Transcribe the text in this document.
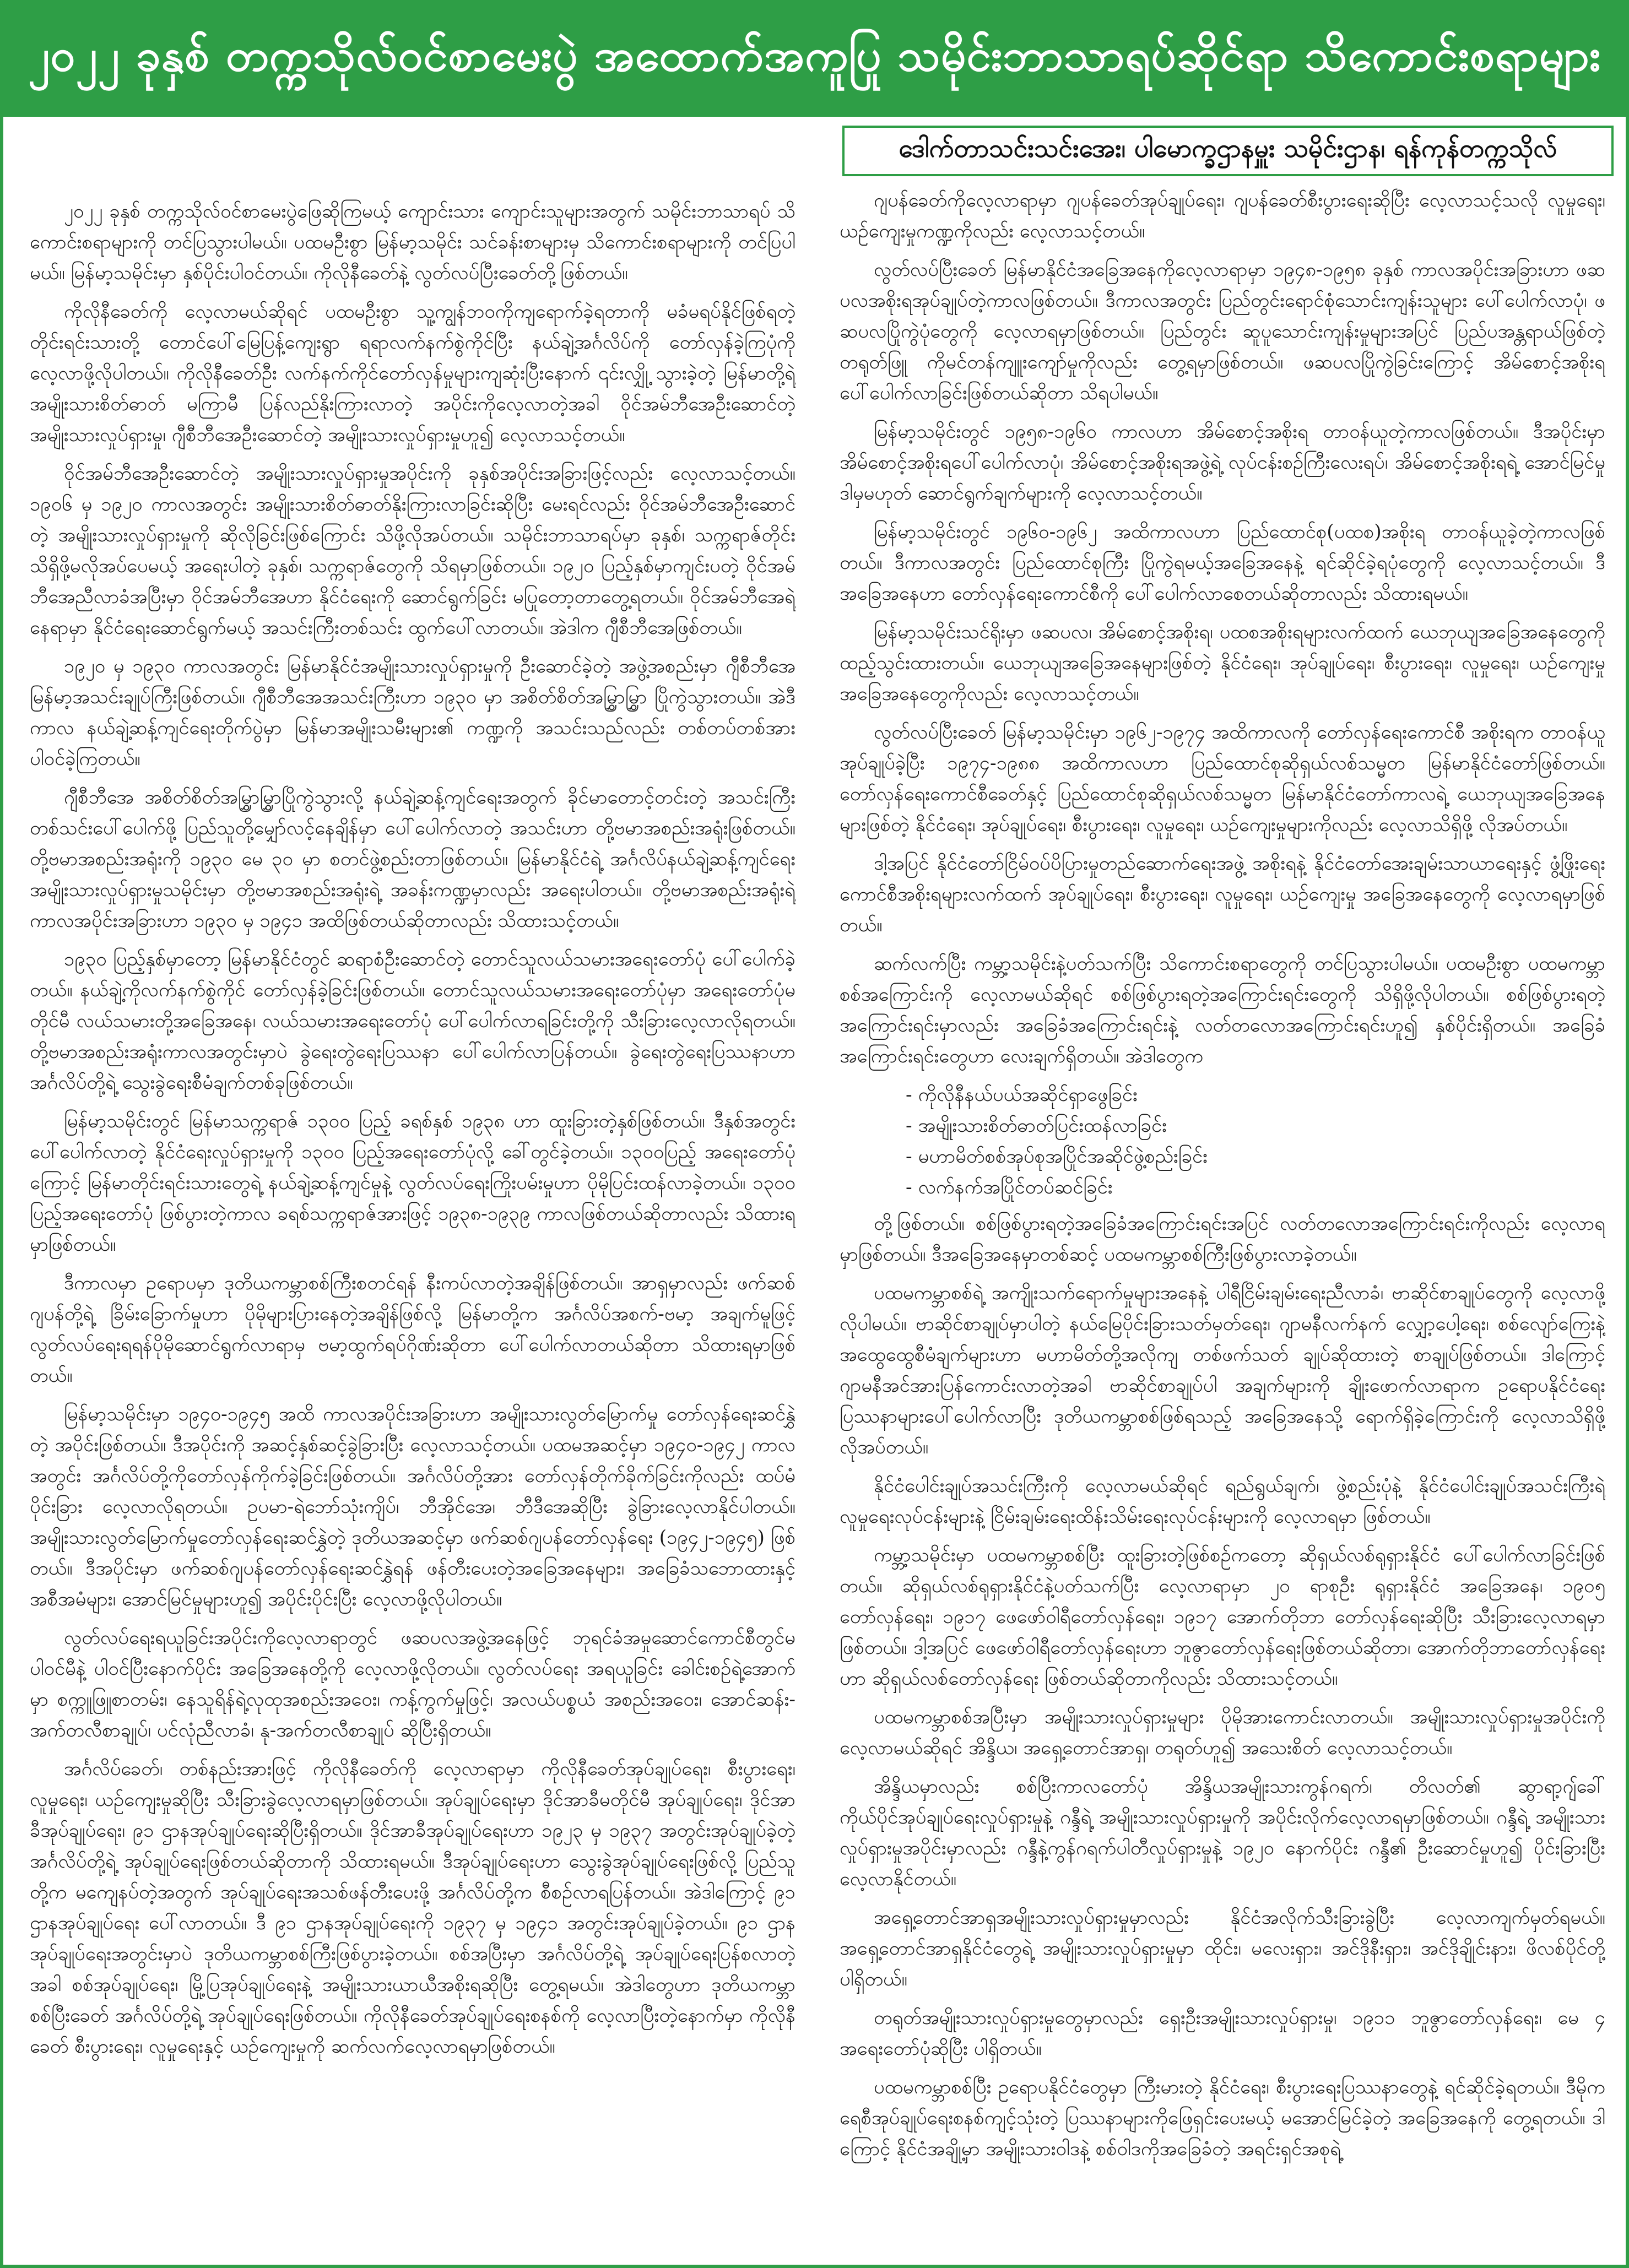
၂၀၂၂ ခုနှစ် တက္ကသိုလ်ဝင်စာမေးပွဲ အထောက်အကူပြု သမိုင်းဘာသာရပ်ဆိုင်ရာ သိကောင်းစရာများ
ဒေါက်တာသင်းသင်းအေး၊ ပါမောက္ခဌာနမှူး သမိုင်းဌာန၊ ရန်ကုန်တက္ကသိုလ်

၂၀၂၂ ခုနှစ် တက္ကသိုလ်ဝင်စာမေးပွဲဖြေဆိုကြမယ့် ကျောင်းသား ကျောင်းသူများအတွက် သမိုင်းဘာသာရပ် သိကောင်းစရာများကို တင်ပြသွားပါမယ်။ ပထမဦးစွာ မြန်မာ့သမိုင်း သင်ခန်းစာများမှ သိကောင်းစရာများကို တင်ပြပါမယ်။ မြန်မာ့သမိုင်းမှာ နှစ်ပိုင်းပါဝင်တယ်။ ကိုလိုနီခေတ်နဲ့ လွတ်လပ်ပြီးခေတ်တို့ဖြစ်တယ်။

ကိုလိုနီခေတ်ကို လေ့လာမယ်ဆိုရင် ပထမဦးစွာ သူ့ကျွန်ဘဝကိုကျရောက်ခဲ့ရတာကို မခံမရပ်နိုင်ဖြစ်ရတဲ့ တိုင်းရင်းသားတို့ တောင်ပေါ်မြေပြန့်ကျေးရွာ ရရာလက်နက်စွဲကိုင်ပြီး နယ်ချဲ့အင်္ဂလိပ်ကို တော်လှန်ခဲ့ကြပုံကို လေ့လာဖို့လိုပါတယ်။ ကိုလိုနီခေတ်ဦး လက်နက်ကိုင်တော်လှန်မှုများကျဆုံးပြီးနောက် ၎င်းလျှို့ သွားခဲ့တဲ့ မြန်မာတို့ရဲ့အမျိုးသားစိတ်ဓာတ် မကြာမီ ပြန်လည်နိုးကြားလာတဲ့ အပိုင်းကိုလေ့လာတဲ့အခါ ဝိုင်အမ်ဘီအေဦးဆောင်တဲ့ အမျိုးသားလှုပ်ရှားမှု၊ ဂျီစီဘီအေဦးဆောင်တဲ့ အမျိုးသားလှုပ်ရှားမှုဟူ၍ လေ့လာသင့်တယ်။

ဝိုင်အမ်ဘီအေဦးဆောင်တဲ့ အမျိုးသားလှုပ်ရှားမှုအပိုင်းကို ခုနှစ်အပိုင်းအခြားဖြင့်လည်း လေ့လာသင့်တယ်။ ၁၉၀၆ မှ ၁၉၂၀ ကာလအတွင်း အမျိုးသားစိတ်ဓာတ်နိုးကြားလာခြင်းဆိုပြီး မေးရင်လည်း ဝိုင်အမ်ဘီအေဦးဆောင်တဲ့ အမျိုးသားလှုပ်ရှားမှုကို ဆိုလိုခြင်းဖြစ်ကြောင်း သိဖို့လိုအပ်တယ်။ သမိုင်းဘာသာရပ်မှာ ခုနှစ်၊ သက္ကရာဇ်တိုင်း သိရှိဖို့မလိုအပ်ပေမယ့် အရေးပါတဲ့ ခုနှစ်၊ သက္ကရာဇ်တွေကို သိရမှာဖြစ်တယ်။ ၁၉၂၀ ပြည့်နှစ်မှာကျင်းပတဲ့ ဝိုင်အမ်ဘီအေညီလာခံအပြီးမှာ ဝိုင်အမ်ဘီအေဟာ နိုင်ငံရေးကို ဆောင်ရွက်ခြင်း မပြုတော့တာတွေ့ရတယ်။ ဝိုင်အမ်ဘီအေရဲ့နေရာမှာ နိုင်ငံရေးဆောင်ရွက်မယ့် အသင်းကြီးတစ်သင်း ထွက်ပေါ်လာတယ်။ အဲဒါက ဂျီစီဘီအေဖြစ်တယ်။

၁၉၂၀ မှ ၁၉၃၀ ကာလအတွင်း မြန်မာနိုင်ငံအမျိုးသားလှုပ်ရှားမှုကို ဦးဆောင်ခဲ့တဲ့ အဖွဲ့အစည်းမှာ ဂျီစီဘီအေ မြန်မာ့အသင်းချုပ်ကြီးဖြစ်တယ်။ ဂျီစီဘီအေအသင်းကြီးဟာ ၁၉၃၀ မှာ အစိတ်စိတ်အမြွှာမြွှာ ပြိုကွဲသွားတယ်။ အဲဒီကာလ နယ်ချဲ့ဆန့်ကျင်ရေးတိုက်ပွဲမှာ မြန်မာအမျိုးသမီးများ၏ ကဏ္ဍကို အသင်းသည်လည်း တစ်တပ်တစ်အားပါဝင်ခဲ့ကြတယ်။

ဂျီစီဘီအေ အစိတ်စိတ်အမြွှာမြွှာပြိုကွဲသွားလို့ နယ်ချဲ့ဆန့်ကျင်ရေးအတွက် ခိုင်မာတောင့်တင်းတဲ့ အသင်းကြီးတစ်သင်းပေါ်ပေါက်ဖို့ ပြည်သူတို့မျှော်လင့်နေချိန်မှာ ပေါ်ပေါက်လာတဲ့ အသင်းဟာ တို့ဗမာအစည်းအရုံးဖြစ်တယ်။ တို့ဗမာအစည်းအရုံးကို ၁၉၃၀ မေ ၃၀ မှာ စတင်ဖွဲ့စည်းတာဖြစ်တယ်။ မြန်မာနိုင်ငံရဲ့ အင်္ဂလိပ်နယ်ချဲ့ဆန့်ကျင်ရေး အမျိုးသားလှုပ်ရှားမှုသမိုင်းမှာ တို့ဗမာအစည်းအရုံးရဲ့ အခန်းကဏ္ဍမှာလည်း အရေးပါတယ်။ တို့ဗမာအစည်းအရုံးရဲ့ ကာလအပိုင်းအခြားဟာ ၁၉၃၀ မှ ၁၉၄၁ အထိဖြစ်တယ်ဆိုတာလည်း သိထားသင့်တယ်။

၁၉၃၀ ပြည့်နှစ်မှာတော့ မြန်မာနိုင်ငံတွင် ဆရာစံဦးဆောင်တဲ့ တောင်သူလယ်သမားအရေးတော်ပုံ ပေါ်ပေါက်ခဲ့တယ်။ နယ်ချဲ့ကိုလက်နက်စွဲကိုင် တော်လှန်ခဲ့ခြင်းဖြစ်တယ်။ တောင်သူလယ်သမားအရေးတော်ပုံမှာ အရေးတော်ပုံမတိုင်မီ လယ်သမားတို့အခြေအနေ၊ လယ်သမားအရေးတော်ပုံ ပေါ်ပေါက်လာရခြင်းတို့ကို သီးခြားလေ့လာလိုရတယ်။ တို့ဗမာအစည်းအရုံးကာလအတွင်းမှာပဲ ခွဲရေးတွဲရေးပြဿနာ ပေါ်ပေါက်လာပြန်တယ်။ ခွဲရေးတွဲရေးပြဿနာဟာ အင်္ဂလိပ်တို့ရဲ့ သွေးခွဲရေးစီမံချက်တစ်ခုဖြစ်တယ်။

မြန်မာ့သမိုင်းတွင် မြန်မာသက္ကရာဇ် ၁၃၀၀ ပြည့် ခရစ်နှစ် ၁၉၃၈ ဟာ ထူးခြားတဲ့နှစ်ဖြစ်တယ်။ ဒီနှစ်အတွင်း ပေါ်ပေါက်လာတဲ့ နိုင်ငံရေးလှုပ်ရှားမှုကို ၁၃၀၀ ပြည့်အရေးတော်ပုံလို့ ခေါ်တွင်ခဲ့တယ်။ ၁၃၀၀ပြည့် အရေးတော်ပုံကြောင့် မြန်မာတိုင်းရင်းသားတွေရဲ့ နယ်ချဲ့ဆန့်ကျင်မှုနဲ့ လွတ်လပ်ရေးကြိုးပမ်းမှုဟာ ပိုမိုပြင်းထန်လာခဲ့တယ်။ ၁၃၀၀ ပြည့်အရေးတော်ပုံ ဖြစ်ပွားတဲ့ကာလ ခရစ်သက္ကရာဇ်အားဖြင့် ၁၉၃၈-၁၉၃၉ ကာလဖြစ်တယ်ဆိုတာလည်း သိထားရမှာဖြစ်တယ်။

ဒီကာလမှာ ဥရောပမှာ ဒုတိယကမ္ဘာစစ်ကြီးစတင်ရန် နီးကပ်လာတဲ့အချိန်ဖြစ်တယ်။ အာရှမှာလည်း ဖက်ဆစ်ဂျပန်တို့ရဲ့ ခြိမ်းခြောက်မှုဟာ ပိုမိုများပြားနေတဲ့အချိန်ဖြစ်လို့ မြန်မာတို့က အင်္ဂလိပ်အစက်-ဗမာ့ အချက်မူဖြင့် လွတ်လပ်ရေးရရန်ပိုမိုဆောင်ရွက်လာရာမှ ဗမာ့ထွက်ရပ်ဂိုဏ်းဆိုတာ ပေါ်ပေါက်လာတယ်ဆိုတာ သိထားရမှာဖြစ်တယ်။

မြန်မာ့သမိုင်းမှာ ၁၉၄၀-၁၉၄၅ အထိ ကာလအပိုင်းအခြားဟာ အမျိုးသားလွတ်မြောက်မှု တော်လှန်ရေးဆင်နွှဲတဲ့ အပိုင်းဖြစ်တယ်။ ဒီအပိုင်းကို အဆင့်နှစ်ဆင့်ခွဲခြားပြီး လေ့လာသင့်တယ်။ ပထမအဆင့်မှာ ၁၉၄၀-၁၉၄၂ ကာလအတွင်း အင်္ဂလိပ်တို့ကိုတော်လှန်ကိုက်ခဲ့ခြင်းဖြစ်တယ်။ အင်္ဂလိပ်တို့အား တော်လှန်တိုက်ခိုက်ခြင်းကိုလည်း ထပ်မံပိုင်းခြား လေ့လာလိုရတယ်။ ဥပမာ-ရဲဘော်သုံးကျိပ်၊ ဘီအိုင်အေ၊ ဘီဒီအေဆိုပြီး ခွဲခြားလေ့လာနိုင်ပါတယ်။ အမျိုးသားလွတ်မြောက်မှုတော်လှန်ရေးဆင်နွှဲတဲ့ ဒုတိယအဆင့်မှာ ဖက်ဆစ်ဂျပန်တော်လှန်ရေး (၁၉၄၂-၁၉၄၅) ဖြစ်တယ်။ ဒီအပိုင်းမှာ ဖက်ဆစ်ဂျပန်တော်လှန်ရေးဆင်နွှဲရန် ဖန်တီးပေးတဲ့အခြေအနေများ၊ အခြေခံသဘောထားနှင့် အစီအမံများ၊ အောင်မြင်မှုများဟူ၍ အပိုင်းပိုင်းပြီး လေ့လာဖို့လိုပါတယ်။

လွတ်လပ်ရေးရယူခြင်းအပိုင်းကိုလေ့လာရာတွင် ဖဆပလအဖွဲ့အနေဖြင့် ဘုရင်ခံအမှုဆောင်ကောင်စီတွင်မပါဝင်မီနဲ့ ပါဝင်ပြီးနောက်ပိုင်း အခြေအနေတို့ကို လေ့လာဖို့လိုတယ်။ လွတ်လပ်ရေး အရယူခြင်း ခေါင်းစဉ်ရဲ့အောက်မှာ စက္ကူဖြူစာတမ်း၊ နေသူရိန်ရဲ့လုထုအစည်းအဝေး၊ ကန့်ကွက်မှုဖြင့်၊ အလယ်ပစ္စယံ အစည်းအဝေး၊ အောင်ဆန်း-အက်တလီစာချုပ်၊ ပင်လုံညီလာခံ၊ နု-အက်တလီစာချုပ် ဆိုပြီးရှိတယ်။

အင်္ဂလိပ်ခေတ်၊ တစ်နည်းအားဖြင့် ကိုလိုနီခေတ်ကို လေ့လာရာမှာ ကိုလိုနီခေတ်အုပ်ချုပ်ရေး၊ စီးပွားရေး၊ လူမှုရေး၊ ယဉ်ကျေးမှုဆိုပြီး သီးခြားခွဲလေ့လာရမှာဖြစ်တယ်။ အုပ်ချုပ်ရေးမှာ ဒိုင်အာခီမတိုင်မီ အုပ်ချုပ်ရေး၊ ဒိုင်အာခီအုပ်ချုပ်ရေး၊ ၉၁ ဌာနအုပ်ချုပ်ရေးဆိုပြီးရှိတယ်။ ဒိုင်အာခီအုပ်ချုပ်ရေးဟာ ၁၉၂၃ မှ ၁၉၃၇ အတွင်းအုပ်ချုပ်ခဲ့တဲ့ အင်္ဂလိပ်တို့ရဲ့ အုပ်ချုပ်ရေးဖြစ်တယ်ဆိုတာကို သိထားရမယ်။ ဒီအုပ်ချုပ်ရေးဟာ သွေးခွဲအုပ်ချုပ်ရေးဖြစ်လို့ ပြည်သူတို့က မကျေနပ်တဲ့အတွက် အုပ်ချုပ်ရေးအသစ်ဖန်တီးပေးဖို့ အင်္ဂလိပ်တို့က စီစဉ်လာရပြန်တယ်။ အဲဒါကြောင့် ၉၁ ဌာနအုပ်ချုပ်ရေး ပေါ်လာတယ်။ ဒီ ၉၁ ဌာနအုပ်ချုပ်ရေးကို ၁၉၃၇ မှ ၁၉၄၁ အတွင်းအုပ်ချုပ်ခဲ့တယ်။ ၉၁ ဌာနအုပ်ချုပ်ရေးအတွင်းမှာပဲ ဒုတိယကမ္ဘာစစ်ကြီးဖြစ်ပွားခဲ့တယ်။ စစ်အပြီးမှာ အင်္ဂလိပ်တို့ရဲ့ အုပ်ချုပ်ရေးပြန်စလာတဲ့အခါ စစ်အုပ်ချုပ်ရေး၊ မြို့ပြအုပ်ချုပ်ရေးနဲ့ အမျိုးသားယာယီအစိုးရဆိုပြီး တွေ့ရမယ်။ အဲဒါတွေဟာ ဒုတိယကမ္ဘာစစ်ပြီးခေတ် အင်္ဂလိပ်တို့ရဲ့ အုပ်ချုပ်ရေးဖြစ်တယ်။ ကိုလိုနီခေတ်အုပ်ချုပ်ရေးစနစ်ကို လေ့လာပြီးတဲ့နောက်မှာ ကိုလိုနီခေတ် စီးပွားရေး၊ လူမှုရေးနှင့် ယဉ်ကျေးမှုကို ဆက်လက်လေ့လာရမှာဖြစ်တယ်။

ဂျပန်ခေတ်ကိုလေ့လာရာမှာ ဂျပန်ခေတ်အုပ်ချုပ်ရေး၊ ဂျပန်ခေတ်စီးပွားရေးဆိုပြီး လေ့လာသင့်သလို လူမှုရေး၊ ယဉ်ကျေးမှုကဏ္ဍကိုလည်း လေ့လာသင့်တယ်။

လွတ်လပ်ပြီးခေတ် မြန်မာနိုင်ငံအခြေအနေကိုလေ့လာရာမှာ ၁၉၄၈-၁၉၅၈ ခုနှစ် ကာလအပိုင်းအခြားဟာ ဖဆပလအစိုးရအုပ်ချုပ်တဲ့ကာလဖြစ်တယ်။ ဒီကာလအတွင်း ပြည်တွင်းရောင်စုံသောင်းကျန်းသူများ ပေါ်ပေါက်လာပုံ၊ ဖဆပလပြိုကွဲပုံတွေကို လေ့လာရမှာဖြစ်တယ်။ ပြည်တွင်း ဆူပူသောင်းကျန်းမှုများအပြင် ပြည်ပအန္တရာယ်ဖြစ်တဲ့ တရုတ်ဖြူ ကိုမင်တန်ကျူးကျော်မှုကိုလည်း တွေ့ရမှာဖြစ်တယ်။ ဖဆပလပြိုကွဲခြင်းကြောင့် အိမ်စောင့်အစိုးရ ပေါ်ပေါက်လာခြင်းဖြစ်တယ်ဆိုတာ သိရပါမယ်။

မြန်မာ့သမိုင်းတွင် ၁၉၅၈-၁၉၆၀ ကာလဟာ အိမ်စောင့်အစိုးရ တာဝန်ယူတဲ့ကာလဖြစ်တယ်။ ဒီအပိုင်းမှာ အိမ်စောင့်အစိုးရပေါ်ပေါက်လာပုံ၊ အိမ်စောင့်အစိုးရအဖွဲ့ရဲ့ လုပ်ငန်းစဉ်ကြီးလေးရပ်၊ အိမ်စောင့်အစိုးရရဲ့ အောင်မြင်မှု ဒါမှမဟုတ် ဆောင်ရွက်ချက်များကို လေ့လာသင့်တယ်။

မြန်မာ့သမိုင်းတွင် ၁၉၆၀-၁၉၆၂ အထိကာလဟာ ပြည်ထောင်စု(ပထစ)အစိုးရ တာဝန်ယူခဲ့တဲ့ကာလဖြစ်တယ်။ ဒီကာလအတွင်း ပြည်ထောင်စုကြီး ပြိုကွဲရမယ့်အခြေအနေနဲ့ ရင်ဆိုင်ခဲ့ရပုံတွေကို လေ့လာသင့်တယ်။ ဒီအခြေအနေဟာ တော်လှန်ရေးကောင်စီကို ပေါ်ပေါက်လာစေတယ်ဆိုတာလည်း သိထားရမယ်။

မြန်မာ့သမိုင်းသင်ရိုးမှာ ဖဆပလ၊ အိမ်စောင့်အစိုးရ၊ ပထစအစိုးရများလက်ထက် ယေဘုယျအခြေအနေတွေကို ထည့်သွင်းထားတယ်။ ယေဘုယျအခြေအနေများဖြစ်တဲ့ နိုင်ငံရေး၊ အုပ်ချုပ်ရေး၊ စီးပွားရေး၊ လူမှုရေး၊ ယဉ်ကျေးမှုအခြေအနေတွေကိုလည်း လေ့လာသင့်တယ်။

လွတ်လပ်ပြီးခေတ် မြန်မာ့သမိုင်းမှာ ၁၉၆၂-၁၉၇၄ အထိကာလကို တော်လှန်ရေးကောင်စီ အစိုးရက တာဝန်ယူအုပ်ချုပ်ခဲ့ပြီး ၁၉၇၄-၁၉၈၈ အထိကာလဟာ ပြည်ထောင်စုဆိုရှယ်လစ်သမ္မတ မြန်မာနိုင်ငံတော်ဖြစ်တယ်။ တော်လှန်ရေးကောင်စီခေတ်နှင့် ပြည်ထောင်စုဆိုရှယ်လစ်သမ္မတ မြန်မာနိုင်ငံတော်ကာလရဲ့ ယေဘုယျအခြေအနေများဖြစ်တဲ့ နိုင်ငံရေး၊ အုပ်ချုပ်ရေး၊ စီးပွားရေး၊ လူမှုရေး၊ ယဉ်ကျေးမှုများကိုလည်း လေ့လာသိရှိဖို့ လိုအပ်တယ်။

ဒါ့အပြင် နိုင်ငံတော်ငြိမ်ဝပ်ပိပြားမှုတည်ဆောက်ရေးအဖွဲ့ အစိုးရနဲ့ နိုင်ငံတော်အေးချမ်းသာယာရေးနှင့် ဖွံ့ဖြိုးရေးကောင်စီအစိုးရများလက်ထက် အုပ်ချုပ်ရေး၊ စီးပွားရေး၊ လူမှုရေး၊ ယဉ်ကျေးမှု အခြေအနေတွေကို လေ့လာရမှာဖြစ်တယ်။

ဆက်လက်ပြီး ကမ္ဘာ့သမိုင်းနဲ့ပတ်သက်ပြီး သိကောင်းစရာတွေကို တင်ပြသွားပါမယ်။ ပထမဦးစွာ ပထမကမ္ဘာစစ်အကြောင်းကို လေ့လာမယ်ဆိုရင် စစ်ဖြစ်ပွားရတဲ့အကြောင်းရင်းတွေကို သိရှိဖို့လိုပါတယ်။ စစ်ဖြစ်ပွားရတဲ့အကြောင်းရင်းမှာလည်း အခြေခံအကြောင်းရင်းနဲ့ လတ်တလောအကြောင်းရင်းဟူ၍ နှစ်ပိုင်းရှိတယ်။ အခြေခံအကြောင်းရင်းတွေဟာ လေးချက်ရှိတယ်။ အဲဒါတွေက

- ကိုလိုနီနယ်ပယ်အဆိုင်ရှာဖွေခြင်း
- အမျိုးသားစိတ်ဓာတ်ပြင်းထန်လာခြင်း
- မဟာမိတ်စစ်အုပ်စုအပြိုင်အဆိုင်ဖွဲ့စည်းခြင်း
- လက်နက်အပြိုင်တပ်ဆင်ခြင်း

တို့ဖြစ်တယ်။ စစ်ဖြစ်ပွားရတဲ့အခြေခံအကြောင်းရင်းအပြင် လတ်တလောအကြောင်းရင်းကိုလည်း လေ့လာရမှာဖြစ်တယ်။ ဒီအခြေအနေမှာတစ်ဆင့် ပထမကမ္ဘာစစ်ကြီးဖြစ်ပွားလာခဲ့တယ်။

ပထမကမ္ဘာစစ်ရဲ့ အကျိုးသက်ရောက်မှုများအနေနဲ့ ပါရီငြိမ်းချမ်းရေးညီလာခံ၊ ဗာဆိုင်စာချုပ်တွေကို လေ့လာဖို့လိုပါမယ်။ ဗာဆိုင်စာချုပ်မှာပါတဲ့ နယ်မြေပိုင်းခြားသတ်မှတ်ရေး၊ ဂျာမနီလက်နက် လျှော့ပေါ့ရေး၊ စစ်လျော်ကြေးနဲ့ အထွေထွေစီမံချက်များဟာ မဟာမိတ်တို့အလိုကျ တစ်ဖက်သတ် ချုပ်ဆိုထားတဲ့ စာချုပ်ဖြစ်တယ်။ ဒါကြောင့် ဂျာမနီအင်အားပြန်ကောင်းလာတဲ့အခါ ဗာဆိုင်စာချုပ်ပါ အချက်များကို ချိုးဖောက်လာရာက ဥရောပနိုင်ငံရေး ပြဿနာများပေါ်ပေါက်လာပြီး ဒုတိယကမ္ဘာစစ်ဖြစ်ရသည့် အခြေအနေသို့ ရောက်ရှိခဲ့ကြောင်းကို လေ့လာသိရှိဖို့လိုအပ်တယ်။

နိုင်ငံပေါင်းချုပ်အသင်းကြီးကို လေ့လာမယ်ဆိုရင် ရည်ရွယ်ချက်၊ ဖွဲ့စည်းပုံနဲ့ နိုင်ငံပေါင်းချုပ်အသင်းကြီးရဲ့ လူမှုရေးလုပ်ငန်းများနဲ့ ငြိမ်းချမ်းရေးထိန်းသိမ်းရေးလုပ်ငန်းများကို လေ့လာရမှာ ဖြစ်တယ်။

ကမ္ဘာ့သမိုင်းမှာ ပထမကမ္ဘာစစ်ပြီး ထူးခြားတဲ့ဖြစ်စဉ်ကတော့ ဆိုရှယ်လစ်ရုရှားနိုင်ငံ ပေါ်ပေါက်လာခြင်းဖြစ်တယ်။ ဆိုရှယ်လစ်ရုရှားနိုင်ငံနဲ့ပတ်သက်ပြီး လေ့လာရာမှာ ၂၀ ရာစုဦး ရုရှားနိုင်ငံ အခြေအနေ၊ ၁၉၀၅ တော်လှန်ရေး၊ ၁၉၁၇ ဖေဖော်ဝါရီတော်လှန်ရေး၊ ၁၉၁၇ အောက်တိုဘာ တော်လှန်ရေးဆိုပြီး သီးခြားလေ့လာရမှာဖြစ်တယ်။ ဒါ့အပြင် ဖေဖော်ဝါရီတော်လှန်ရေးဟာ ဘူဇွာတော်လှန်ရေးဖြစ်တယ်ဆိုတာ၊ အောက်တိုဘာတော်လှန်ရေးဟာ ဆိုရှယ်လစ်တော်လှန်ရေး ဖြစ်တယ်ဆိုတာကိုလည်း သိထားသင့်တယ်။

ပထမကမ္ဘာစစ်အပြီးမှာ အမျိုးသားလှုပ်ရှားမှုများ ပိုမိုအားကောင်းလာတယ်။ အမျိုးသားလှုပ်ရှားမှုအပိုင်းကို လေ့လာမယ်ဆိုရင် အိန္ဒိယ၊ အရှေ့တောင်အာရှ၊ တရုတ်ဟူ၍ အသေးစိတ် လေ့လာသင့်တယ်။

အိန္ဒိယမှာလည်း စစ်ပြီးကာလတော်ပုံ အိန္ဒိယအမျိုးသားကွန်ဂရက်၊ တိလတ်၏ ဆွာရာ့ဂျ်ခေါ် ကိုယ်ပိုင်အုပ်ချုပ်ရေးလှုပ်ရှားမှုနဲ့ ဂန္ဒီရဲ့ အမျိုးသားလှုပ်ရှားမှုကို အပိုင်းလိုက်လေ့လာရမှာဖြစ်တယ်။ ဂန္ဒီရဲ့ အမျိုးသားလှုပ်ရှားမှုအပိုင်းမှာလည်း ဂန္ဒီနဲ့ကွန်ဂရက်ပါတီလှုပ်ရှားမှုနဲ့ ၁၉၂၀ နောက်ပိုင်း ဂန္ဒီ၏ ဦးဆောင်မှုဟူ၍ ပိုင်းခြားပြီး လေ့လာနိုင်တယ်။

အရှေ့တောင်အာရှအမျိုးသားလှုပ်ရှားမှုမှာလည်း နိုင်ငံအလိုက်သီးခြားခွဲပြီး လေ့လာကျက်မှတ်ရမယ်။ အရှေ့တောင်အာရှနိုင်ငံတွေရဲ့ အမျိုးသားလှုပ်ရှားမှုမှာ ထိုင်း၊ မလေးရှား၊ အင်ဒိုနီးရှား၊ အင်ဒိုချိုင်းနား၊ ဖိလစ်ပိုင်တို့ပါရှိတယ်။

တရုတ်အမျိုးသားလှုပ်ရှားမှုတွေမှာလည်း ရှေးဦးအမျိုးသားလှုပ်ရှားမှု၊ ၁၉၁၁ ဘူဇွာတော်လှန်ရေး၊ မေ ၄ အရေးတော်ပုံဆိုပြီး ပါရှိတယ်။

ပထမကမ္ဘာစစ်ပြီး ဥရောပနိုင်ငံတွေမှာ ကြီးမားတဲ့ နိုင်ငံရေး၊ စီးပွားရေးပြဿနာတွေနဲ့ ရင်ဆိုင်ခဲ့ရတယ်။ ဒီမိုကရေစီအုပ်ချုပ်ရေးစနစ်ကျင့်သုံးတဲ့ ပြဿနာများကိုဖြေရှင်းပေးမယ့် မအောင်မြင်ခဲ့တဲ့ အခြေအနေကို တွေ့ရတယ်။ ဒါကြောင့် နိုင်ငံအချို့မှာ အမျိုးသားဝါဒနဲ့ စစ်ဝါဒကိုအခြေခံတဲ့ အရင်းရှင်အစုရဲ့
